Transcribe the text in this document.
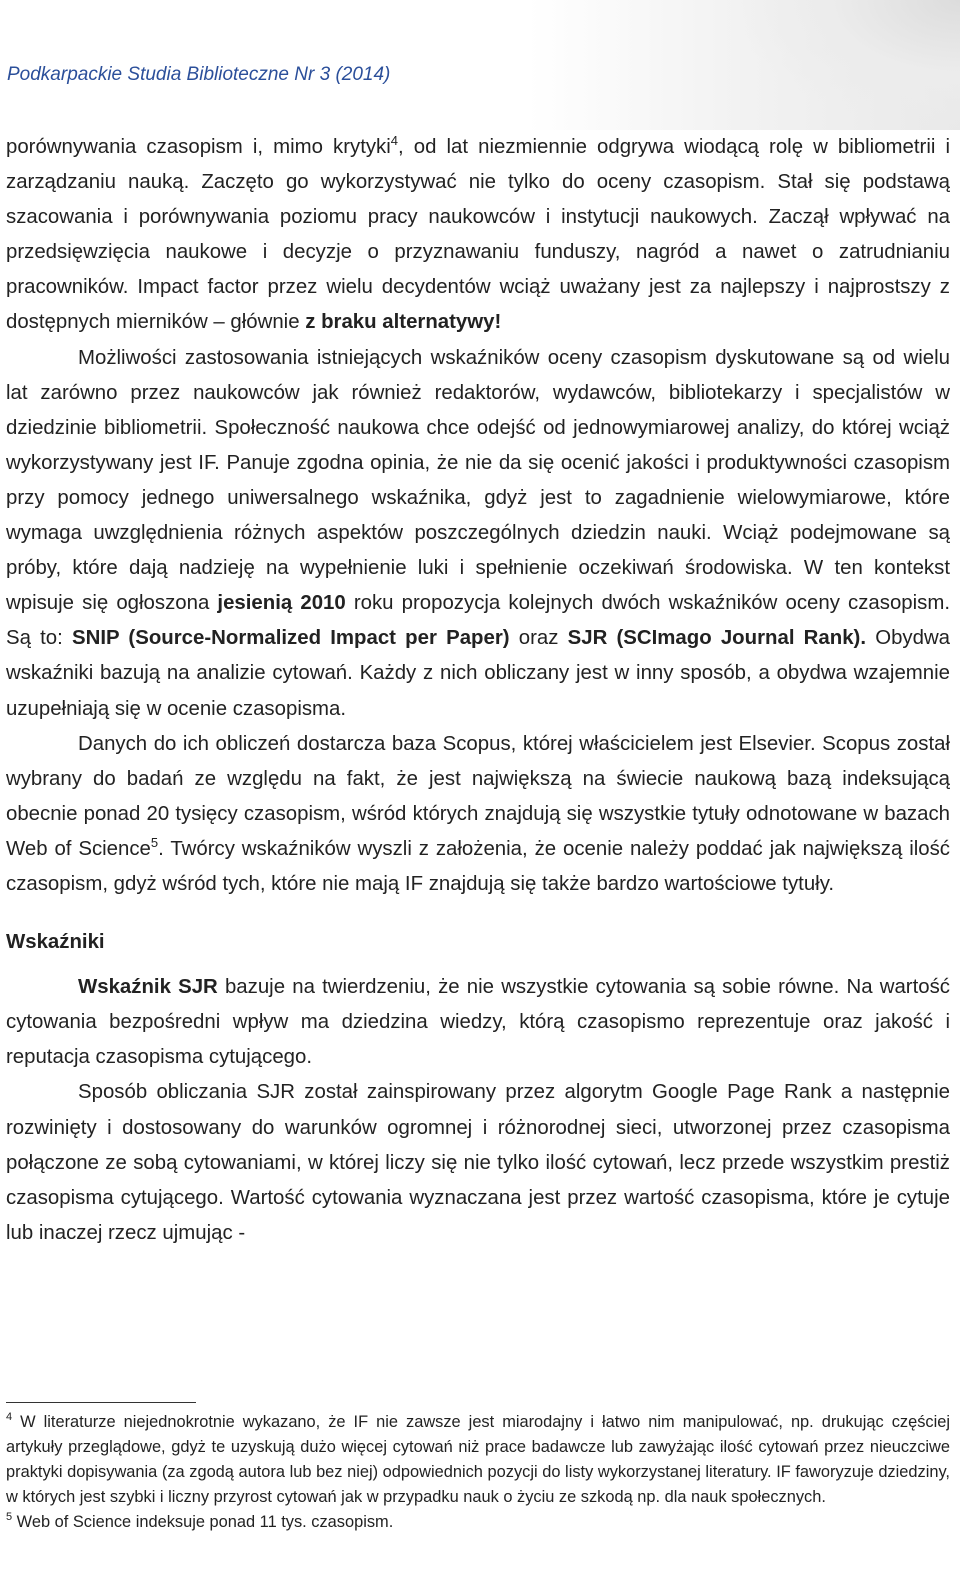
Podkarpackie Studia Biblioteczne Nr 3 (2014)

porównywania czasopism i, mimo krytyki$^4$, od lat niezmiennie odgrywa wiodącą rolę w bibliometrii i zarządzaniu nauką. Zaczęto go wykorzystywać nie tylko do oceny czasopism. Stał się podstawą szacowania i porównywania poziomu pracy naukowców i instytucji naukowych. Zaczął wpływać na przedsięwzięcia naukowe i decyzje o przyznawaniu funduszy, nagród a nawet o zatrudnianiu pracowników. Impact factor przez wielu decydentów wciąż uważany jest za najlepszy i najprostszy z dostępnych mierników – głównie z braku alternatywy!

Możliwości zastosowania istniejących wskaźników oceny czasopism dyskutowane są od wielu lat zarówno przez naukowców jak również redaktorów, wydawców, bibliotekarzy i specjalistów w dziedzinie bibliometrii. Społeczność naukowa chce odejść od jednowymiarowej analizy, do której wciąż wykorzystywany jest IF. Panuje zgodna opinia, że nie da się ocenić jakości i produktywności czasopism przy pomocy jednego uniwersalnego wskaźnika, gdyż jest to zagadnienie wielowymiarowe, które wymaga uwzględnienia różnych aspektów poszczególnych dziedzin nauki. Wciąż podejmowane są próby, które dają nadzieję na wypełnienie luki i spełnienie oczekiwań środowiska. W ten kontekst wpisuje się ogłoszona jesienią 2010 roku propozycja kolejnych dwóch wskaźników oceny czasopism. Są to: SNIP (Source-Normalized Impact per Paper) oraz SJR (SCImago Journal Rank). Obydwa wskaźniki bazują na analizie cytowań. Każdy z nich obliczany jest w inny sposób, a obydwa wzajemnie uzupełniają się w ocenie czasopisma.

Danych do ich obliczeń dostarcza baza Scopus, której właścicielem jest Elsevier. Scopus został wybrany do badań ze względu na fakt, że jest największą na świecie naukową bazą indeksującą obecnie ponad 20 tysięcy czasopism, wśród których znajdują się wszystkie tytuły odnotowane w bazach Web of Science$^5$. Twórcy wskaźników wyszli z założenia, że ocenie należy poddać jak największą ilość czasopism, gdyż wśród tych, które nie mają IF znajdują się także bardzo wartościowe tytuły.

Wskaźniki

Wskaźnik SJR bazuje na twierdzeniu, że nie wszystkie cytowania są sobie równe. Na wartość cytowania bezpośredni wpływ ma dziedzina wiedzy, którą czasopismo reprezentuje oraz jakość i reputacja czasopisma cytującego.

Sposób obliczania SJR został zainspirowany przez algorytm Google Page Rank a następnie rozwinięty i dostosowany do warunków ogromnej i różnorodnej sieci, utworzonej przez czasopisma połączone ze sobą cytowaniami, w której liczy się nie tylko ilość cytowań, lecz przede wszystkim prestiż czasopisma cytującego. Wartość cytowania wyznaczana jest przez wartość czasopisma, które je cytuje lub inaczej rzecz ujmując -

$^4$ W literaturze niejednokrotnie wykazano, że IF nie zawsze jest miarodajny i łatwo nim manipulować, np. drukując częściej artykuły przeglądowe, gdyż te uzyskują dużo więcej cytowań niż prace badawcze lub zawyżając ilość cytowań przez nieuczciwe praktyki dopisywania (za zgodą autora lub bez niej) odpowiednich pozycji do listy wykorzystanej literatury. IF faworyzuje dziedziny, w których jest szybki i liczny przyrost cytowań jak w przypadku nauk o życiu ze szkodą np. dla nauk społecznych.

$^5$ Web of Science indeksuje ponad 11 tys. czasopism.
